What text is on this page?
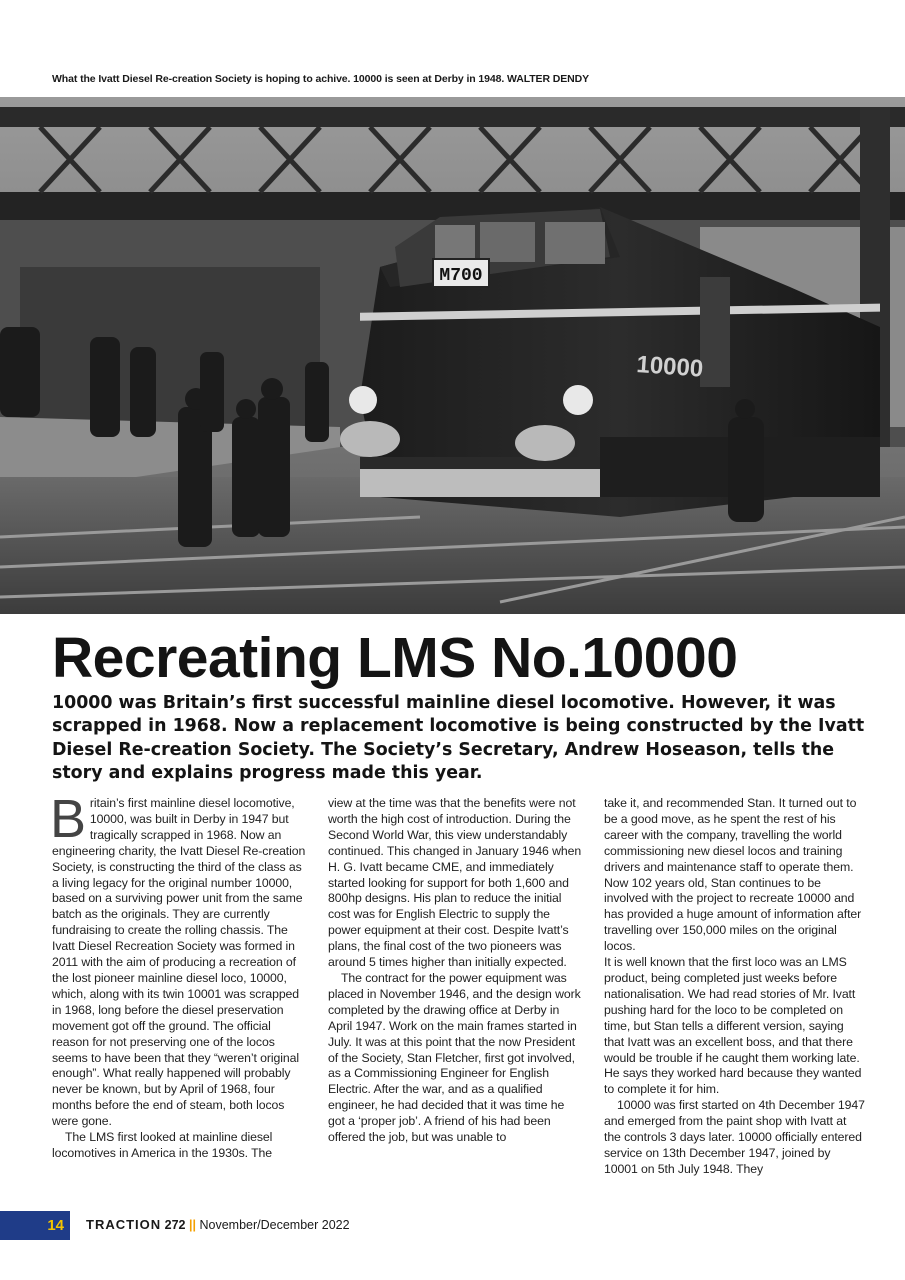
What the Ivatt Diesel Re-creation Society is hoping to achive. 10000 is seen at Derby in 1948. WALTER DENDY
M700
10000
Recreating LMS No.10000

10000 was Britain’s first successful mainline diesel locomotive. However, it was scrapped in 1968. Now a replacement locomotive is being constructed by the Ivatt Diesel Re-creation Society. The Society’s Secretary, Andrew Hoseason, tells the story and explains progress made this year.

Britain’s first mainline diesel locomotive, 10000, was built in Derby in 1947 but tragically scrapped in 1968. Now an engineering charity, the Ivatt Diesel Re-creation Society, is constructing the third of the class as a living legacy for the original number 10000, based on a surviving power unit from the same batch as the originals. They are currently fundraising to create the rolling chassis. The Ivatt Diesel Recreation Society was formed in 2011 with the aim of producing a recreation of the lost pioneer mainline diesel loco, 10000, which, along with its twin 10001 was scrapped in 1968, long before the diesel preservation movement got off the ground. The official reason for not preserving one of the locos seems to have been that they “weren’t original enough”. What really happened will probably never be known, but by April of 1968, four months before the end of steam, both locos were gone.

The LMS first looked at mainline diesel locomotives in America in the 1930s. The

view at the time was that the benefits were not worth the high cost of introduction. During the Second World War, this view understandably continued. This changed in January 1946 when H. G. Ivatt became CME, and immediately started looking for support for both 1,600 and 800hp designs. His plan to reduce the initial cost was for English Electric to supply the power equipment at their cost. Despite Ivatt’s plans, the final cost of the two pioneers was around 5 times higher than initially expected.

The contract for the power equipment was placed in November 1946, and the design work completed by the drawing office at Derby in April 1947. Work on the main frames started in July. It was at this point that the now President of the Society, Stan Fletcher, first got involved, as a Commissioning Engineer for English Electric. After the war, and as a qualified engineer, he had decided that it was time he got a ‘proper job’. A friend of his had been offered the job, but was unable to

take it, and recommended Stan. It turned out to be a good move, as he spent the rest of his career with the company, travelling the world commissioning new diesel locos and training drivers and maintenance staff to operate them. Now 102 years old, Stan continues to be involved with the project to recreate 10000 and has provided a huge amount of information after travelling over 150,000 miles on the original locos.

It is well known that the first loco was an LMS product, being completed just weeks before nationalisation. We had read stories of Mr. Ivatt pushing hard for the loco to be completed on time, but Stan tells a different version, saying that Ivatt was an excellent boss, and that there would be trouble if he caught them working late. He says they worked hard because they wanted to complete it for him.

10000 was first started on 4th December 1947 and emerged from the paint shop with Ivatt at the controls 3 days later. 10000 officially entered service on 13th December 1947, joined by 10001 on 5th July 1948. They

14	TRACTION 272 || November/December 2022
